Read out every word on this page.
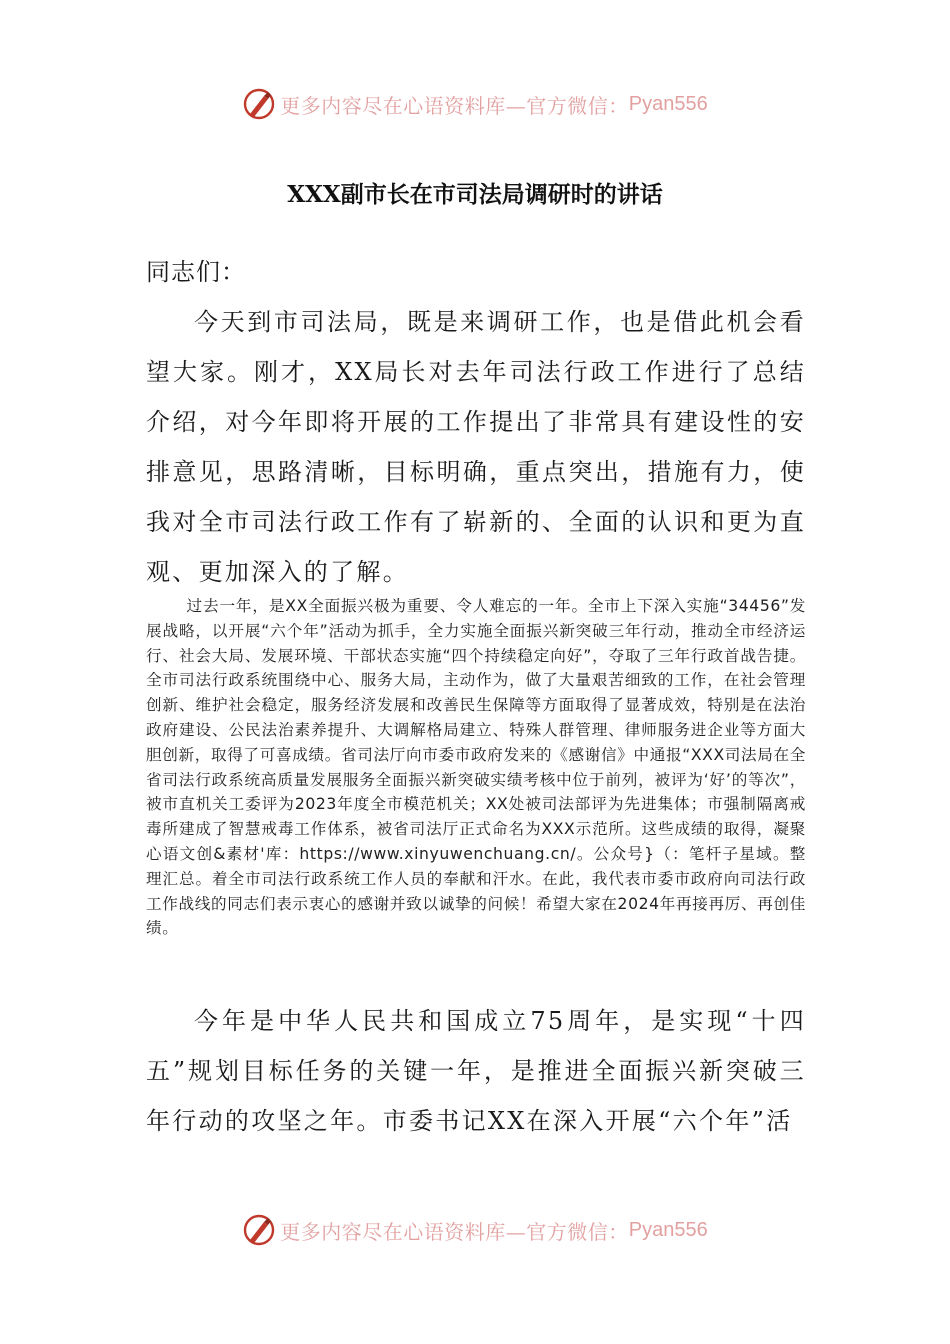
更多内容尽在心语资料库—官方微信： Pyan556
XXX副市长在市司法局调研时的讲话
同志们：

今天到市司法局，既是来调研工作，也是借此机会看望大家。刚才，XX局长对去年司法行政工作进行了总结介绍，对今年即将开展的工作提出了非常具有建设性的安排意见，思路清晰，目标明确，重点突出，措施有力，使我对全市司法行政工作有了崭新的、全面的认识和更为直观、更加深入的了解。

过去一年，是XX全面振兴极为重要、令人难忘的一年。全市上下深入实施“34456”发展战略，以开展“六个年”活动为抓手，全力实施全面振兴新突破三年行动，推动全市经济运行、社会大局、发展环境、干部状态实施“四个持续稳定向好”，夺取了三年行政首战告捷。全市司法行政系统围绕中心、服务大局，主动作为，做了大量艰苦细致的工作，在社会管理创新、维护社会稳定，服务经济发展和改善民生保障等方面取得了显著成效，特别是在法治政府建设、公民法治素养提升、大调解格局建立、特殊人群管理、律师服务进企业等方面大胆创新，取得了可喜成绩。省司法厅向市委市政府发来的《感谢信》中通报“XXX司法局在全省司法行政系统高质量发展服务全面振兴新突破实绩考核中位于前列，被评为‘好’的等次”，被市直机关工委评为2023年度全市模范机关；XX处被司法部评为先进集体；市强制隔离戒毒所建成了智慧戒毒工作体系，被省司法厅正式命名为XXX示范所。这些成绩的取得，凝聚心语文创&素材'库：https://www.xinyuwenchuang.cn/。公众号}（：笔杆子星域。整理汇总。着全市司法行政系统工作人员的奉献和汗水。在此，我代表市委市政府向司法行政工作战线的同志们表示衷心的感谢并致以诚挚的问候！希望大家在2024年再接再厉、再创佳绩。

今年是中华人民共和国成立75周年，是实现“十四五”规划目标任务的关键一年，是推进全面振兴新突破三年行动的攻坚之年。市委书记XX在深入开展“六个年”活

更多内容尽在心语资料库—官方微信： Pyan556
